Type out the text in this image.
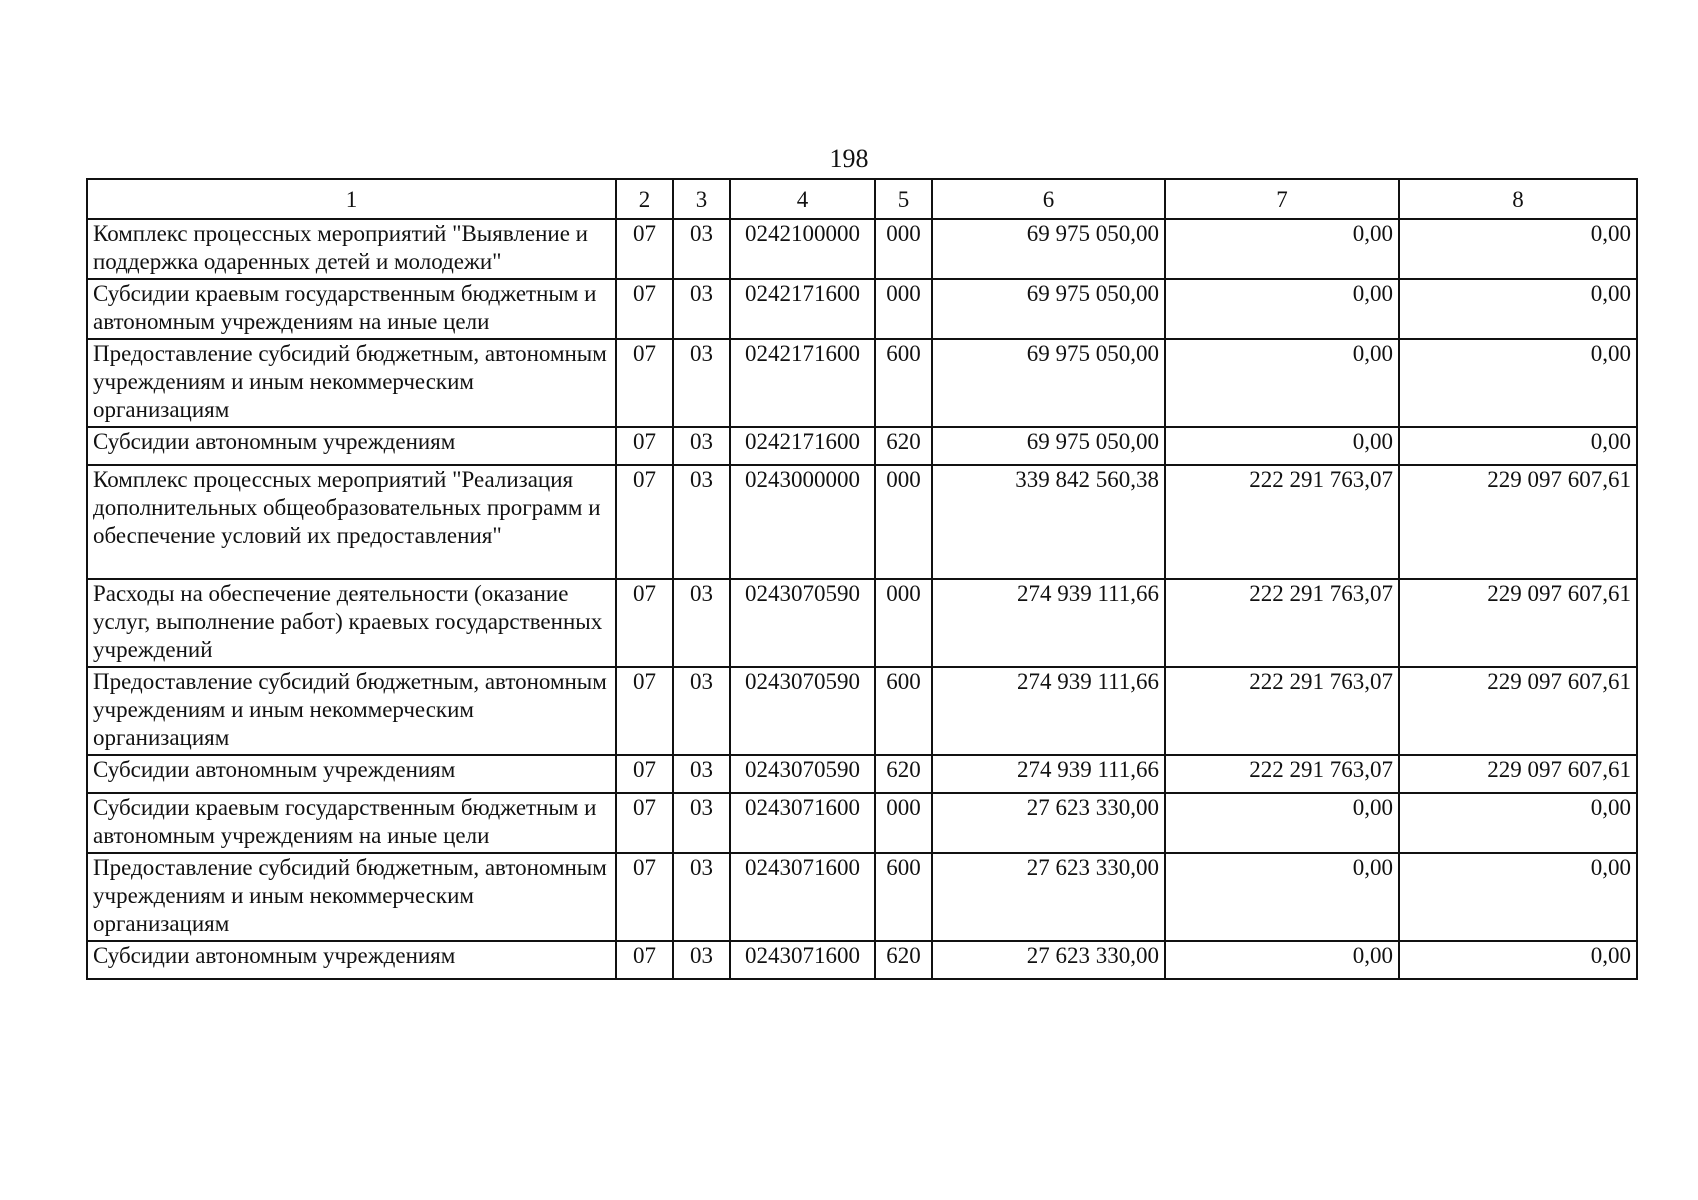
198
1	2	3	4	5	6	7	8
Комплекс процессных мероприятий "Выявление и поддержка одаренных детей и молодежи"	07	03	0242100000	000	69 975 050,00	0,00	0,00
Субсидии краевым государственным бюджетным и автономным учреждениям на иные цели	07	03	0242171600	000	69 975 050,00	0,00	0,00
Предоставление субсидий бюджетным, автономным учреждениям и иным некоммерческим организациям	07	03	0242171600	600	69 975 050,00	0,00	0,00
Субсидии автономным учреждениям	07	03	0242171600	620	69 975 050,00	0,00	0,00
Комплекс процессных мероприятий "Реализация дополнительных общеобразовательных программ и обеспечение условий их предоставления"	07	03	0243000000	000	339 842 560,38	222 291 763,07	229 097 607,61
Расходы на обеспечение деятельности (оказание услуг, выполнение работ) краевых государственных учреждений	07	03	0243070590	000	274 939 111,66	222 291 763,07	229 097 607,61
Предоставление субсидий бюджетным, автономным учреждениям и иным некоммерческим организациям	07	03	0243070590	600	274 939 111,66	222 291 763,07	229 097 607,61
Субсидии автономным учреждениям	07	03	0243070590	620	274 939 111,66	222 291 763,07	229 097 607,61
Субсидии краевым государственным бюджетным и автономным учреждениям на иные цели	07	03	0243071600	000	27 623 330,00	0,00	0,00
Предоставление субсидий бюджетным, автономным учреждениям и иным некоммерческим организациям	07	03	0243071600	600	27 623 330,00	0,00	0,00
Субсидии автономным учреждениям	07	03	0243071600	620	27 623 330,00	0,00	0,00
